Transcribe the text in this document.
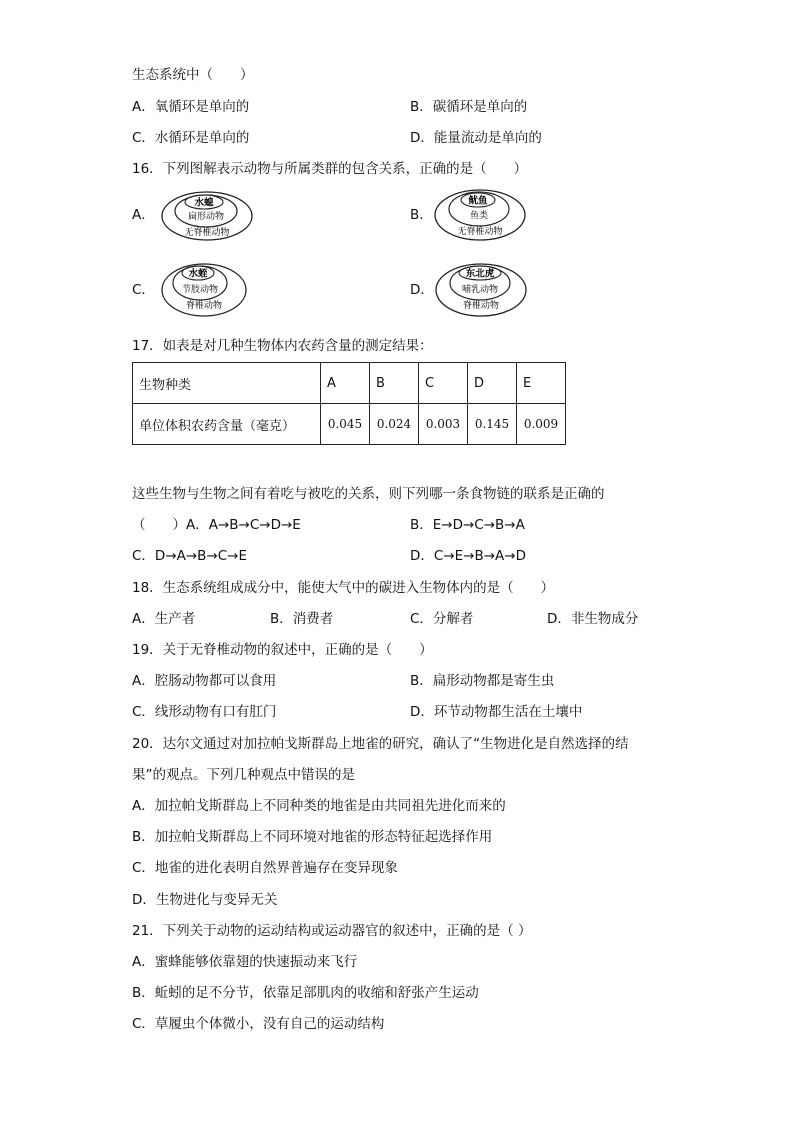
生态系统中（　　）
A．氧循环是单向的	B．碳循环是单向的
C．水循环是单向的	D．能量流动是单向的
16．下列图解表示动物与所属类群的包含关系，正确的是（　　）
A．
水螅
扁形动物
无脊椎动物
B．
鱿鱼
鱼类
无脊椎动物
C．
水蛭
节肢动物
脊椎动物
D．
东北虎
哺乳动物
脊椎动物
17．如表是对几种生物体内农药含量的测定结果：
生物种类	A	B	C	D	E
单位体积农药含量（毫克）	0.045	0.024	0.003	0.145	0.009
这些生物与生物之间有着吃与被吃的关系，则下列哪一条食物链的联系是正确的
（　　）A．A→B→C→D→E	B．E→D→C→B→A
C．D→A→B→C→E	D．C→E→B→A→D
18．生态系统组成成分中，能使大气中的碳进入生物体内的是（　　）
A．生产者	B．消费者	C．分解者	D．非生物成分
19．关于无脊椎动物的叙述中，正确的是（　　）
A．腔肠动物都可以食用	B．扁形动物都是寄生虫
C．线形动物有口有肛门	D．环节动物都生活在土壤中
20．达尔文通过对加拉帕戈斯群岛上地雀的研究，确认了“生物进化是自然选择的结
果”的观点。下列几种观点中错误的是
A．加拉帕戈斯群岛上不同种类的地雀是由共同祖先进化而来的
B．加拉帕戈斯群岛上不同环境对地雀的形态特征起选择作用
C．地雀的进化表明自然界普遍存在变异现象
D．生物进化与变异无关
21．下列关于动物的运动结构或运动器官的叙述中，正确的是（ ）
A．蜜蜂能够依靠翅的快速振动来飞行
B．蚯蚓的足不分节，依靠足部肌肉的收缩和舒张产生运动
C．草履虫个体微小，没有自己的运动结构
